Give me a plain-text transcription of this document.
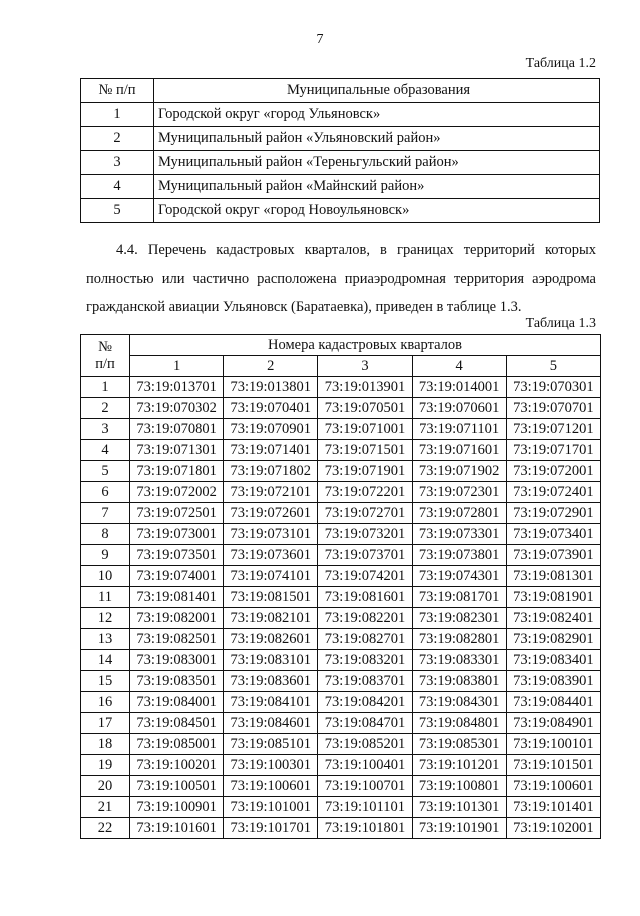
7
Таблица 1.2
№ п/п	Муниципальные образования
1	Городской округ «город Ульяновск»
2	Муниципальный район «Ульяновский район»
3	Муниципальный район «Тереньгульский район»
4	Муниципальный район «Майнский район»
5	Городской округ «город Новоульяновск»
4.4. Перечень кадастровых кварталов, в границах территорий которых полностью или частично расположена приаэродромная территория аэродрома гражданской авиации Ульяновск (Баратаевка), приведен в таблице 1.3.
Таблица 1.3
№
п/п	Номера кадастровых кварталов				
	1	2	3	4	5
1	73:19:013701	73:19:013801	73:19:013901	73:19:014001	73:19:070301
2	73:19:070302	73:19:070401	73:19:070501	73:19:070601	73:19:070701
3	73:19:070801	73:19:070901	73:19:071001	73:19:071101	73:19:071201
4	73:19:071301	73:19:071401	73:19:071501	73:19:071601	73:19:071701
5	73:19:071801	73:19:071802	73:19:071901	73:19:071902	73:19:072001
6	73:19:072002	73:19:072101	73:19:072201	73:19:072301	73:19:072401
7	73:19:072501	73:19:072601	73:19:072701	73:19:072801	73:19:072901
8	73:19:073001	73:19:073101	73:19:073201	73:19:073301	73:19:073401
9	73:19:073501	73:19:073601	73:19:073701	73:19:073801	73:19:073901
10	73:19:074001	73:19:074101	73:19:074201	73:19:074301	73:19:081301
11	73:19:081401	73:19:081501	73:19:081601	73:19:081701	73:19:081901
12	73:19:082001	73:19:082101	73:19:082201	73:19:082301	73:19:082401
13	73:19:082501	73:19:082601	73:19:082701	73:19:082801	73:19:082901
14	73:19:083001	73:19:083101	73:19:083201	73:19:083301	73:19:083401
15	73:19:083501	73:19:083601	73:19:083701	73:19:083801	73:19:083901
16	73:19:084001	73:19:084101	73:19:084201	73:19:084301	73:19:084401
17	73:19:084501	73:19:084601	73:19:084701	73:19:084801	73:19:084901
18	73:19:085001	73:19:085101	73:19:085201	73:19:085301	73:19:100101
19	73:19:100201	73:19:100301	73:19:100401	73:19:101201	73:19:101501
20	73:19:100501	73:19:100601	73:19:100701	73:19:100801	73:19:100601
21	73:19:100901	73:19:101001	73:19:101101	73:19:101301	73:19:101401
22	73:19:101601	73:19:101701	73:19:101801	73:19:101901	73:19:102001
